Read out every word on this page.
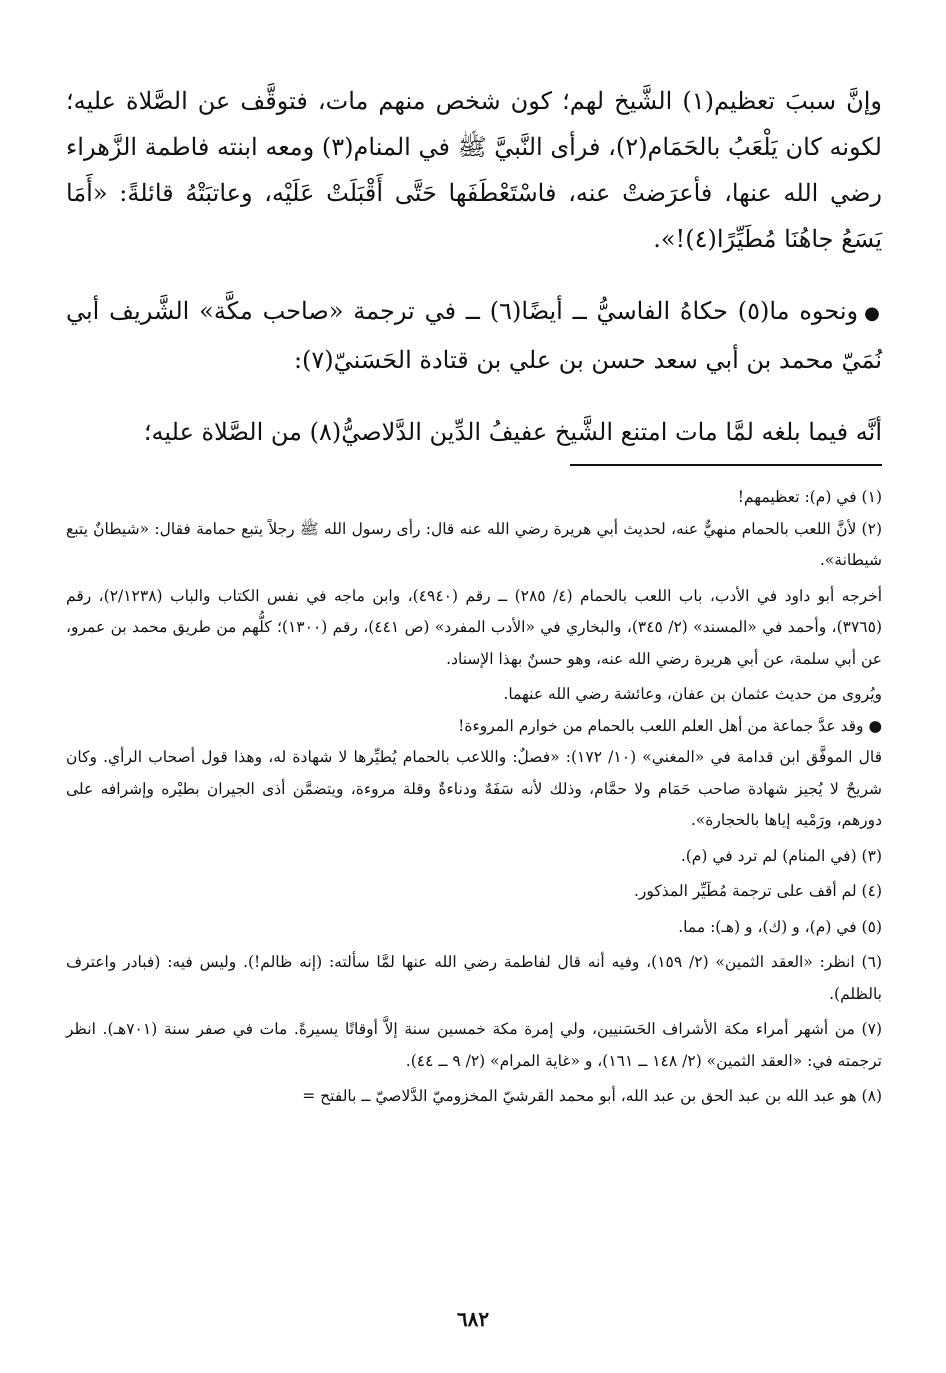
وإنَّ سببَ تعظيم(١) الشَّيخ لهم؛ كون شخص منهم مات، فتوقَّف عن الصَّلاة عليه؛ لكونه كان يَلْعَبُ بالحَمَام(٢)، فرأى النَّبيَّ ﷺ في المنام(٣) ومعه ابنته فاطمة الزَّهراء رضي الله عنها، فأعرَضتْ عنه، فاسْتَعْطَفَها حَتَّى أَقْبَلَتْ عَلَيْه، وعاتبَتْهُ قائلةً: «أَمَا يَسَعُ جاهُنَا مُطَيِّرًا(٤)!».

●ونحوه ما(٥) حكاهُ الفاسيُّ ــ أيضًا(٦) ــ في ترجمة «صاحب مكَّة» الشَّريف أبي نُمَيّ محمد بن أبي سعد حسن بن علي بن قتادة الحَسَنيّ(٧):

أنَّه فيما بلغه لمَّا مات امتنع الشَّيخ عفيفُ الدِّين الدَّلاصيُّ(٨) من الصَّلاة عليه؛

(١) في (م): تعظيمهم!

(٢) لأنَّ اللعب بالحمام منهيٌّ عنه، لحديث أبي هريرة رضي الله عنه قال: رأى رسول الله ﷺ رجلاً يتبع حمامة فقال: «شيطانٌ يتبع شيطانة».

أخرجه أبو داود في الأدب، باب اللعب بالحمام (٤/ ٢٨٥) ــ رقم (٤٩٤٠)، وابن ماجه في نفس الكتاب والباب (٢/١٢٣٨)، رقم (٣٧٦٥)، وأحمد في «المسند» (٢/ ٣٤٥)، والبخاري في «الأدب المفرد» (ص ٤٤١)، رقم (١٣٠٠)؛ كلُّهم من طريق محمد بن عمرو، عن أبي سلمة، عن أبي هريرة رضي الله عنه، وهو حسنٌ بهذا الإسناد.

ويُروى من حديث عثمان بن عفان، وعائشة رضي الله عنهما.

● وقد عدَّ جماعة من أهل العلم اللعب بالحمام من خوارم المروءة!

قال الموفَّق ابن قدامة في «المغني» (١٠/ ١٧٢): «فصلٌ: واللاعب بالحمام يُطيِّرها لا شهادة له، وهذا قول أصحاب الرأي. وكان شريحٌ لا يُجيز شهادة صاحب حَمَام ولا حمَّام، وذلك لأنه سَفَهٌ ودناءةٌ وقلة مروءة، ويتضمَّن أذى الجيران بطيْره وإشرافه على دورهم، ورَمْيه إياها بالحجارة».

(٣) (في المنام) لم ترد في (م).

(٤) لم أقف على ترجمة مُطَيِّر المذكور.

(٥) في (م)، و (ك)، و (هـ): مما.

(٦) انظر: «العقد الثمين» (٢/ ١٥٩)، وفيه أنه قال لفاطمة رضي الله عنها لمَّا سألته: (إنه ظالم!). وليس فيه: (فبادر واعترف بالظلم).

(٧) من أشهر أمراء مكة الأشراف الحَسَنيين، ولي إمرة مكة خمسين سنة إلاَّ أوقاتًا يسيرةً. مات في صفر سنة (٧٠١هـ). انظر ترجمته في: «العقد الثمين» (٢/ ١٤٨ ــ ١٦١)، و «غاية المرام» (٢/ ٩ ــ ٤٤).

(٨) هو عبد الله بن عبد الحق بن عبد الله، أبو محمد القرشيّ المخزوميّ الدَّلاصيّ ــ بالفتح =

٦٨٢
